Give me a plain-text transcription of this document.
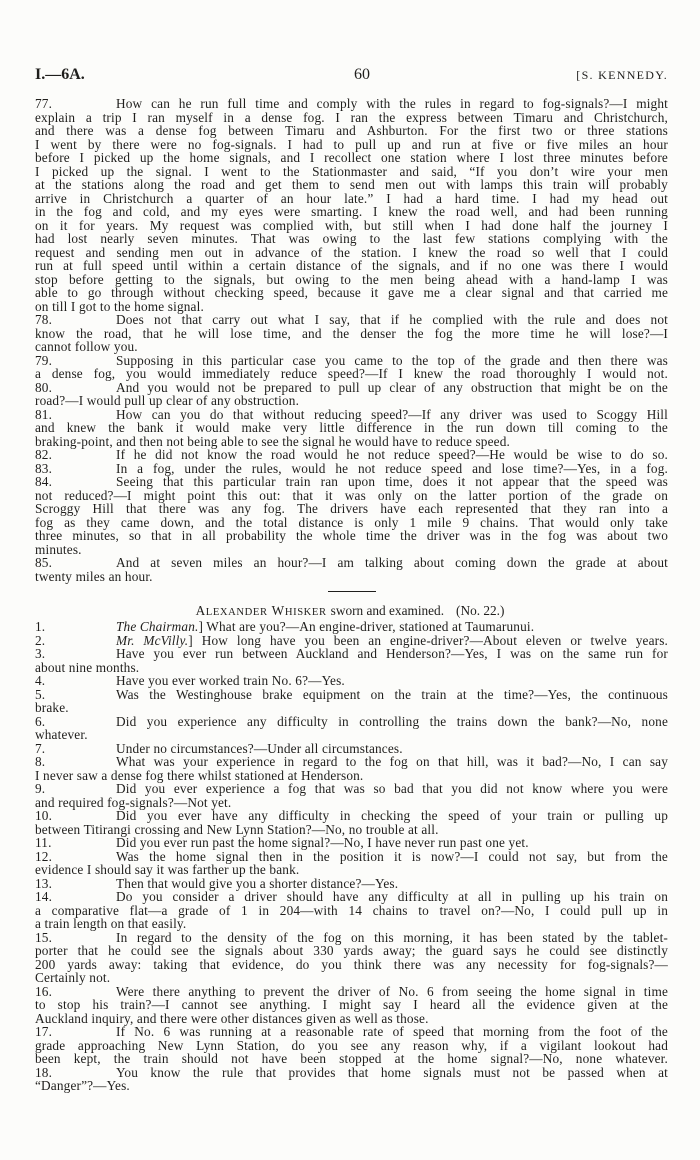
I.—6A.	60	[S. KENNEDY.
77.	How can he run full time and comply with the rules in regard to fog-signals?—I might
explain a trip I ran myself in a dense fog. I ran the express between Timaru and Christchurch,
and there was a dense fog between Timaru and Ashburton. For the first two or three stations
I went by there were no fog-signals. I had to pull up and run at five or five miles an hour
before I picked up the home signals, and I recollect one station where I lost three minutes before
I picked up the signal. I went to the Stationmaster and said, “If you don’t wire your men
at the stations along the road and get them to send men out with lamps this train will probably
arrive in Christchurch a quarter of an hour late.” I had a hard time. I had my head out
in the fog and cold, and my eyes were smarting. I knew the road well, and had been running
on it for years. My request was complied with, but still when I had done half the journey I
had lost nearly seven minutes. That was owing to the last few stations complying with the
request and sending men out in advance of the station. I knew the road so well that I could
run at full speed until within a certain distance of the signals, and if no one was there I would
stop before getting to the signals, but owing to the men being ahead with a hand-lamp I was
able to go through without checking speed, because it gave me a clear signal and that carried me
on till I got to the home signal.
78.	Does not that carry out what I say, that if he complied with the rule and does not
know the road, that he will lose time, and the denser the fog the more time he will lose?—I
cannot follow you.
79.	Supposing in this particular case you came to the top of the grade and then there was
a dense fog, you would immediately reduce speed?—If I knew the road thoroughly I would not.
80.	And you would not be prepared to pull up clear of any obstruction that might be on the
road?—I would pull up clear of any obstruction.
81.	How can you do that without reducing speed?—If any driver was used to Scoggy Hill
and knew the bank it would make very little difference in the run down till coming to the
braking-point, and then not being able to see the signal he would have to reduce speed.
82.	If he did not know the road would he not reduce speed?—He would be wise to do so.
83.	In a fog, under the rules, would he not reduce speed and lose time?—Yes, in a fog.
84.	Seeing that this particular train ran upon time, does it not appear that the speed was
not reduced?—I might point this out: that it was only on the latter portion of the grade on
Scroggy Hill that there was any fog. The drivers have each represented that they ran into a
fog as they came down, and the total distance is only 1 mile 9 chains. That would only take
three minutes, so that in all probability the whole time the driver was in the fog was about two
minutes.
85.	And at seven miles an hour?—I am talking about coming down the grade at about
twenty miles an hour.
ALEXANDER WHISKER sworn and examined. (No. 22.)
1.	The Chairman.] What are you?—An engine-driver, stationed at Taumarunui.
2.	Mr. McVilly.] How long have you been an engine-driver?—About eleven or twelve years.
3.	Have you ever run between Auckland and Henderson?—Yes, I was on the same run for
about nine months.
4.	Have you ever worked train No. 6?—Yes.
5.	Was the Westinghouse brake equipment on the train at the time?—Yes, the continuous
brake.
6.	Did you experience any difficulty in controlling the trains down the bank?—No, none
whatever.
7.	Under no circumstances?—Under all circumstances.
8.	What was your experience in regard to the fog on that hill, was it bad?—No, I can say
I never saw a dense fog there whilst stationed at Henderson.
9.	Did you ever experience a fog that was so bad that you did not know where you were
and required fog-signals?—Not yet.
10.	Did you ever have any difficulty in checking the speed of your train or pulling up
between Titirangi crossing and New Lynn Station?—No, no trouble at all.
11.	Did you ever run past the home signal?—No, I have never run past one yet.
12.	Was the home signal then in the position it is now?—I could not say, but from the
evidence I should say it was farther up the bank.
13.	Then that would give you a shorter distance?—Yes.
14.	Do you consider a driver should have any difficulty at all in pulling up his train on
a comparative flat—a grade of 1 in 204—with 14 chains to travel on?—No, I could pull up in
a train length on that easily.
15.	In regard to the density of the fog on this morning, it has been stated by the tablet-
porter that he could see the signals about 330 yards away; the guard says he could see distinctly
200 yards away: taking that evidence, do you think there was any necessity for fog-signals?—
Certainly not.
16.	Were there anything to prevent the driver of No. 6 from seeing the home signal in time
to stop his train?—I cannot see anything. I might say I heard all the evidence given at the
Auckland inquiry, and there were other distances given as well as those.
17.	If No. 6 was running at a reasonable rate of speed that morning from the foot of the
grade approaching New Lynn Station, do you see any reason why, if a vigilant lookout had
been kept, the train should not have been stopped at the home signal?—No, none whatever.
18.	You know the rule that provides that home signals must not be passed when at
“Danger”?—Yes.
